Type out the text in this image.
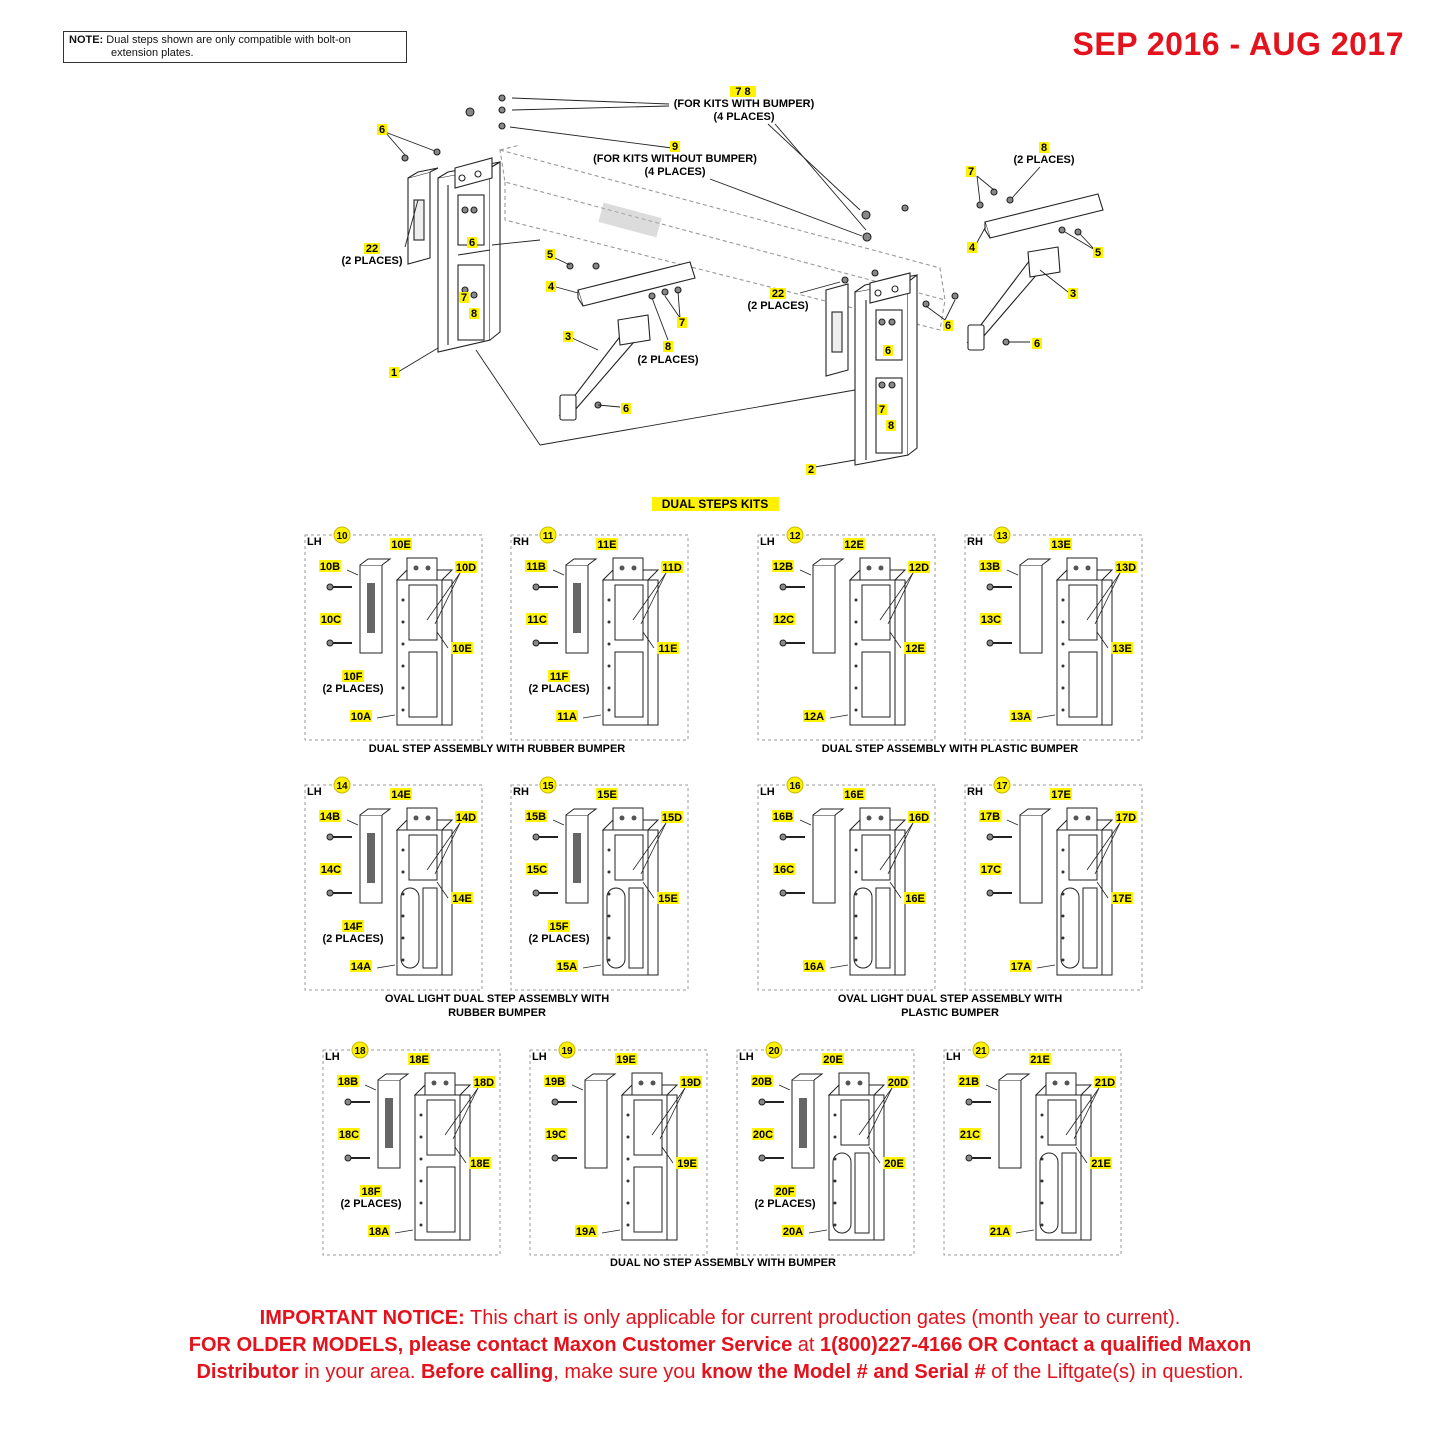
NOTE: Dual steps shown are only compatible with bolt-on
extension plates.	SEP 2016 - AUG 2017
7 8
(FOR KITS WITH BUMPER)
(4 PLACES)
9
(FOR KITS WITHOUT BUMPER)
(4 PLACES)
6
6
22
(2 PLACES)
7
8
1
5
4
7
3
8
(2 PLACES)
6
8
(2 PLACES)
7
4	5
3
22
(2 PLACES)
6
6
6
7
8
2
DUAL STEPS KITS
LH 10
10E
10B	10D
10C
10E
10F
(2 PLACES)
10A
RH 11
11E
11B	11D
11C
11E
11F
(2 PLACES)
11A
LH 12
12E
12B	12D
12C
12E
12A
RH 13
13E
13B	13D
13C
13E
13A
LH 14
14E
14B	14D
14C
14E
14F
(2 PLACES)
14A
RH 15
15E
15B	15D
15C
15E
15F
(2 PLACES)
15A
LH 16
16E
16B	16D
16C
16E
16A
RH 17
17E
17B	17D
17C
17E
17A
LH 18
18E
18B	18D
18C
18E
18F
(2 PLACES)
18A
LH 19
19E
19B	19D
19C
19E
19A
LH 20
20E
20B	20D
20C
20E
20F
(2 PLACES)
20A
LH 21
21E
21B	21D
21C
21E
21A
DUAL STEP ASSEMBLY WITH RUBBER BUMPER	DUAL STEP ASSEMBLY WITH PLASTIC BUMPER
OVAL LIGHT DUAL STEP ASSEMBLY WITH
RUBBER BUMPER
OVAL LIGHT DUAL STEP ASSEMBLY WITH
PLASTIC BUMPER
DUAL NO STEP ASSEMBLY WITH BUMPER
IMPORTANT NOTICE: This chart is only applicable for current production gates (month year to current).
FOR OLDER MODELS, please contact Maxon Customer Service at 1(800)227-4166 OR Contact a qualified Maxon
Distributor in your area. Before calling, make sure you know the Model # and Serial # of the Liftgate(s) in question.
